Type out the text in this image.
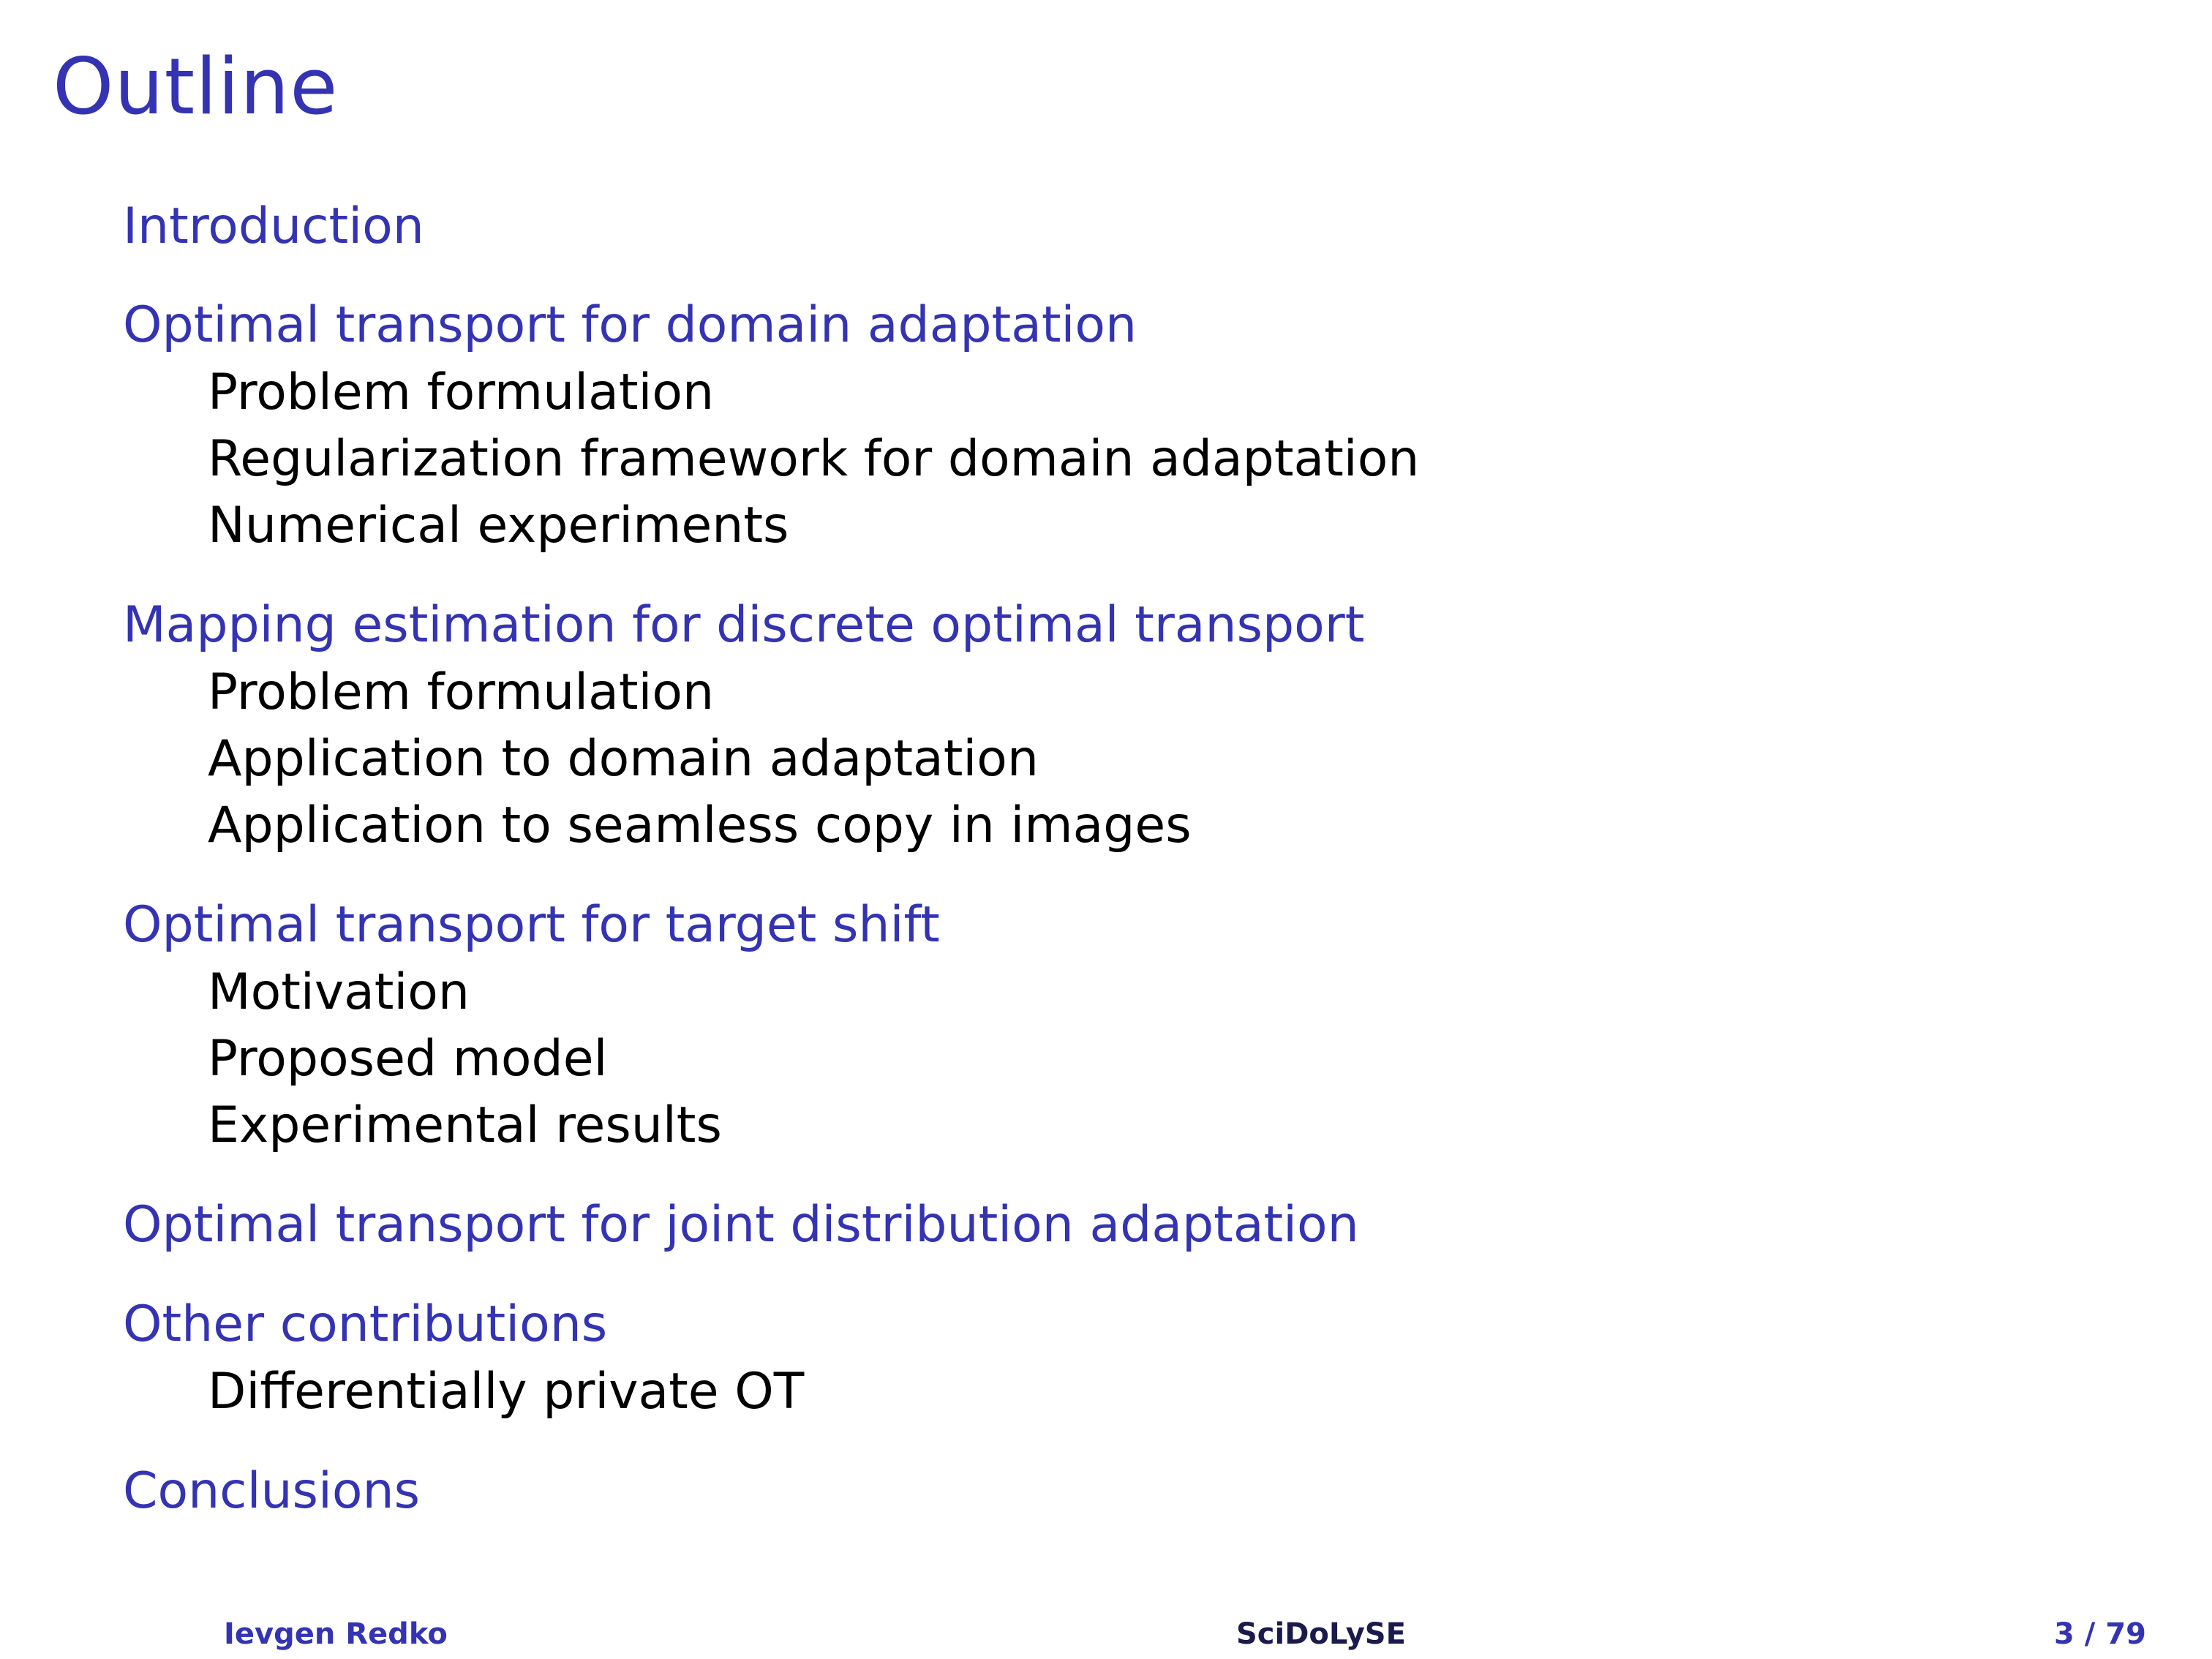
Outline
Introduction
Optimal transport for domain adaptation
Problem formulation
Regularization framework for domain adaptation
Numerical experiments
Mapping estimation for discrete optimal transport
Problem formulation
Application to domain adaptation
Application to seamless copy in images
Optimal transport for target shift
Motivation
Proposed model
Experimental results
Optimal transport for joint distribution adaptation
Other contributions
Differentially private OT
Conclusions
Ievgen Redko	SciDoLySE	3 / 79
